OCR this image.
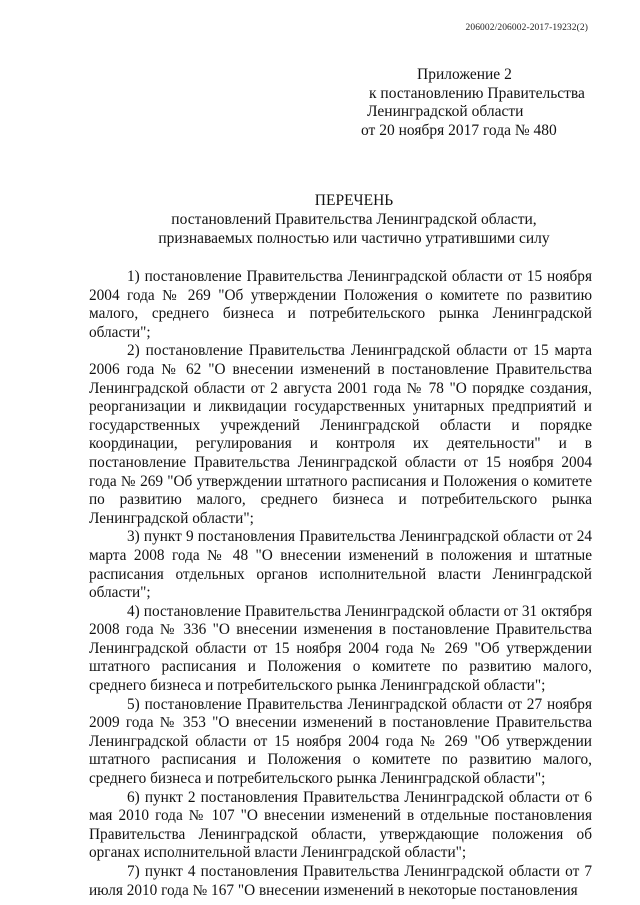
206002/206002-2017-19232(2)
Приложение 2
к постановлению Правительства
Ленинградской области
от 20 ноября 2017 года № 480
ПЕРЕЧЕНЬ
постановлений Правительства Ленинградской области,
признаваемых полностью или частично утратившими силу

1) постановление Правительства Ленинградской области от 15 ноября 2004 года № 269 "Об утверждении Положения о комитете по развитию малого, среднего бизнеса и потребительского рынка Ленинградской области";

2) постановление Правительства Ленинградской области от 15 марта 2006 года № 62 "О внесении изменений в постановление Правительства Ленинградской области от 2 августа 2001 года № 78 "О порядке создания, реорганизации и ликвидации государственных унитарных предприятий и государственных учреждений Ленинградской области и порядке координации, регулирования и контроля их деятельности" и в постановление Правительства Ленинградской области от 15 ноября 2004 года № 269 "Об утверждении штатного расписания и Положения о комитете по развитию малого, среднего бизнеса и потребительского рынка Ленинградской области";

3) пункт 9 постановления Правительства Ленинградской области от 24 марта 2008 года № 48 "О внесении изменений в положения и штатные расписания отдельных органов исполнительной власти Ленинградской области";

4) постановление Правительства Ленинградской области от 31 октября 2008 года № 336 "О внесении изменения в постановление Правительства Ленинградской области от 15 ноября 2004 года № 269 "Об утверждении штатного расписания и Положения о комитете по развитию малого, среднего бизнеса и потребительского рынка Ленинградской области";

5) постановление Правительства Ленинградской области от 27 ноября 2009 года № 353 "О внесении изменений в постановление Правительства Ленинградской области от 15 ноября 2004 года № 269 "Об утверждении штатного расписания и Положения о комитете по развитию малого, среднего бизнеса и потребительского рынка Ленинградской области";

6) пункт 2 постановления Правительства Ленинградской области от 6 мая 2010 года № 107 "О внесении изменений в отдельные постановления Правительства Ленинградской области, утверждающие положения об органах исполнительной власти Ленинградской области";

7) пункт 4 постановления Правительства Ленинградской области от 7 июля 2010 года № 167 "О внесении изменений в некоторые постановления
